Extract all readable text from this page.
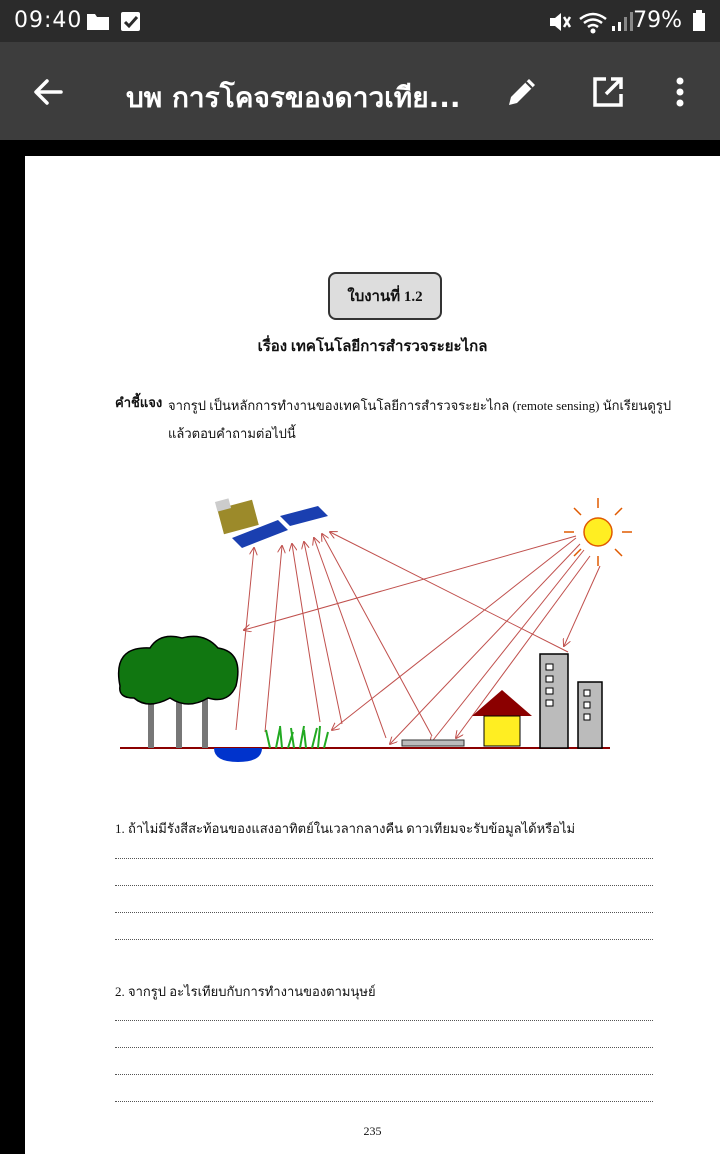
09:40	79%
บพ การโคจรของดาวเทีย...
ใบงานที่ 1.2
เรื่อง เทคโนโลยีการสำรวจระยะไกล
คำชี้แจง จากรูป เป็นหลักการทำงานของเทคโนโลยีการสำรวจระยะไกล (remote sensing) นักเรียนดูรูปแล้วตอบคำถามต่อไปนี้
1. ถ้าไม่มีรังสีสะท้อนของแสงอาทิตย์ในเวลากลางคืน ดาวเทียมจะรับข้อมูลได้หรือไม่
2. จากรูป อะไรเทียบกับการทำงานของตามนุษย์
235
